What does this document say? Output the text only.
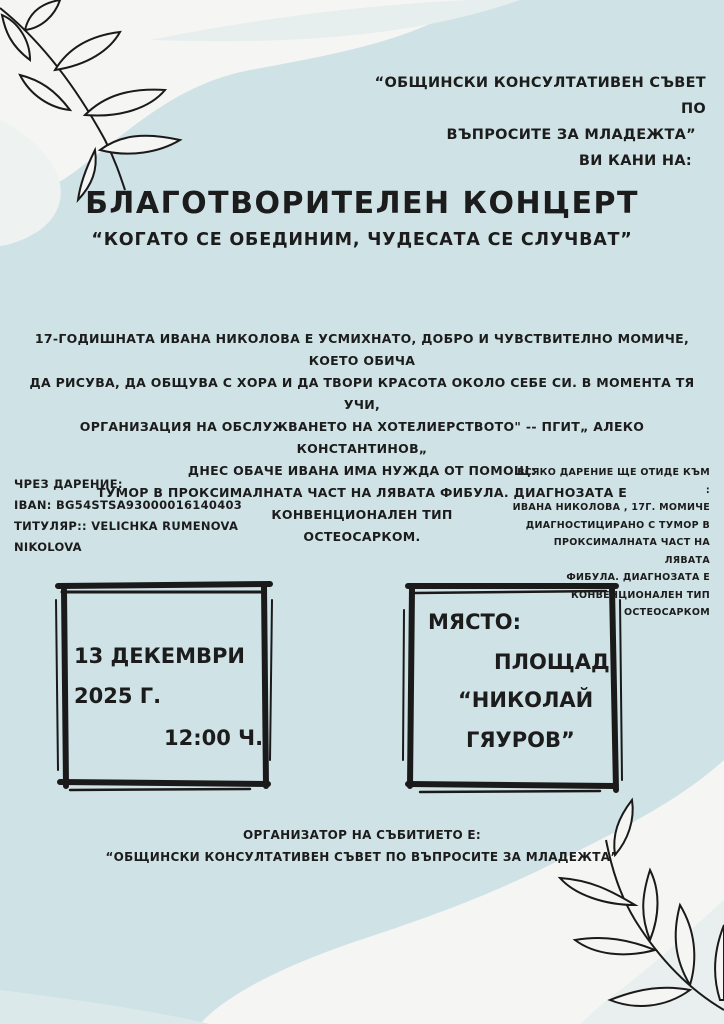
“ОБЩИНСКИ КОНСУЛТАТИВЕН СЪВЕТ ПО
ВЪПРОСИТЕ ЗА МЛАДЕЖТА”
ВИ КАНИ НА:
БЛАГОТВОРИТЕЛЕН КОНЦЕРТ
“КОГАТО СЕ ОБЕДИНИМ, ЧУДЕСАТА СЕ СЛУЧВАТ”
17-ГОДИШНАТА ИВАНА НИКОЛОВА Е УСМИХНАТО, ДОБРО И ЧУВСТВИТЕЛНО МОМИЧЕ, КОЕТО ОБИЧА
ДА РИСУВА, ДА ОБЩУВА С ХОРА И ДА ТВОРИ КРАСОТА ОКОЛО СЕБЕ СИ. В МОМЕНТА ТЯ УЧИ,
ОРГАНИЗАЦИЯ НА ОБСЛУЖВАНЕТО НА ХОТЕЛИЕРСТВОТО" -- ПГИТ„ АЛЕКО КОНСТАНТИНОВ„
ДНЕС ОБАЧЕ ИВАНА ИМА НУЖДА ОТ ПОМОЩ:
ТУМОР В ПРОКСИМАЛНАТА ЧАСТ НА ЛЯВАТА ФИБУЛА. ДИАГНОЗАТА Е КОНВЕНЦИОНАЛЕН ТИП
ОСТЕОСАРКОМ.
ЧРЕЗ ДАРЕНИЕ:
IBAN: BG54STSA93000016140403
ТИТУЛЯР:: VELICHKA RUMENOVA
NIKOLOVA
ВСЯКО ДАРЕНИЕ ЩЕ ОТИДЕ КЪМ :
ИВАНА НИКОЛОВА , 17Г. МОМИЧЕ
ДИАГНОСТИЦИРАНО С ТУМОР В
ПРОКСИМАЛНАТА ЧАСТ НА ЛЯВАТА
ФИБУЛА. ДИАГНОЗАТА Е
КОНВЕНЦИОНАЛЕН ТИП
ОСТЕОСАРКОМ
13 ДЕКЕМВРИ
2025 Г.
12:00 Ч.
МЯСТО:
ПЛОЩАД
“НИКОЛАЙ
ГЯУРОВ”
ОРГАНИЗАТОР НА СЪБИТИЕТО Е:
“ОБЩИНСКИ КОНСУЛТАТИВЕН СЪВЕТ ПО ВЪПРОСИТЕ ЗА МЛАДЕЖТА”
